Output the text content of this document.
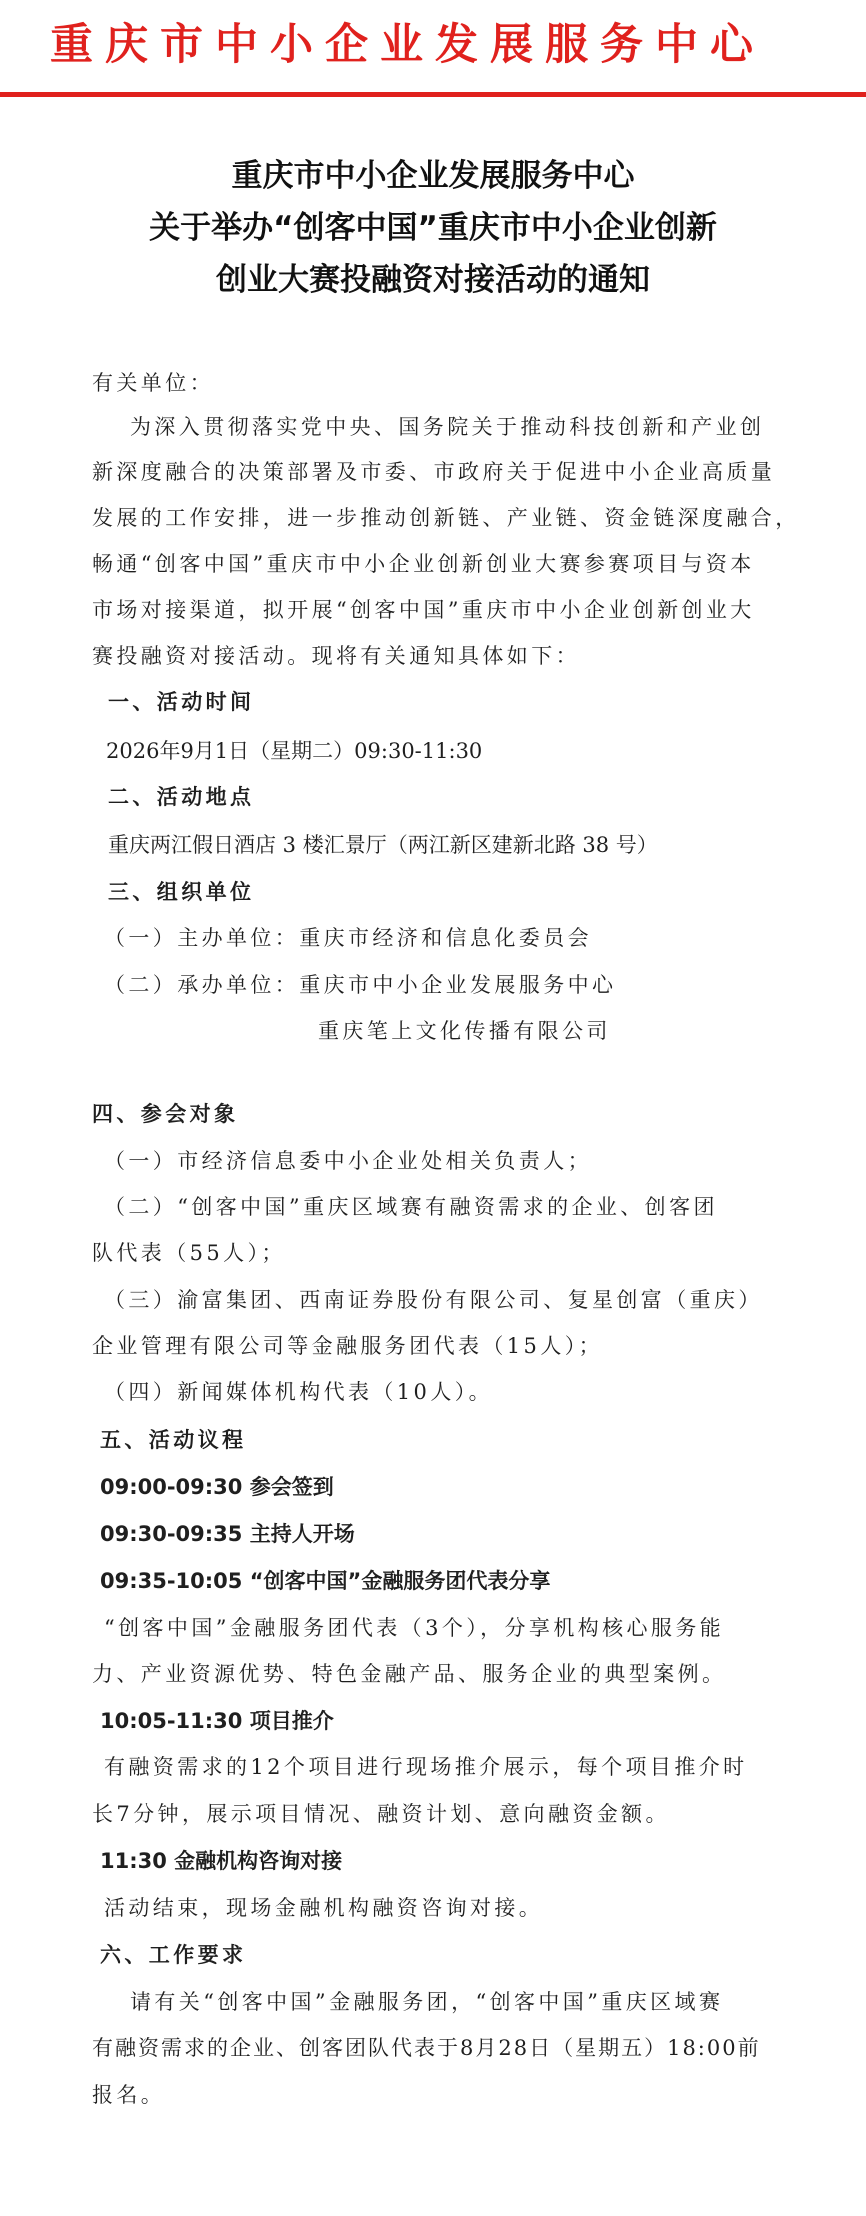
重庆市中小企业发展服务中心
重庆市中小企业发展服务中心
关于举办“创客中国”重庆市中小企业创新
创业大赛投融资对接活动的通知
有关单位：
为深入贯彻落实党中央、国务院关于推动科技创新和产业创
新深度融合的决策部署及市委、市政府关于促进中小企业高质量
发展的工作安排，进一步推动创新链、产业链、资金链深度融合，
畅通“创客中国”重庆市中小企业创新创业大赛参赛项目与资本
市场对接渠道，拟开展“创客中国”重庆市中小企业创新创业大
赛投融资对接活动。现将有关通知具体如下：
一、活动时间
2026年9月1日（星期二）09:30-11:30
二、活动地点
重庆两江假日酒店 3 楼汇景厅（两江新区建新北路 38 号）
三、组织单位
（一）主办单位：重庆市经济和信息化委员会
（二）承办单位：重庆市中小企业发展服务中心
重庆笔上文化传播有限公司
四、参会对象
（一）市经济信息委中小企业处相关负责人；
（二）“创客中国”重庆区域赛有融资需求的企业、创客团
队代表（55人）；
（三）渝富集团、西南证券股份有限公司、复星创富（重庆）
企业管理有限公司等金融服务团代表（15人）；
（四）新闻媒体机构代表（10人）。
五、活动议程
09:00-09:30 参会签到
09:30-09:35 主持人开场
09:35-10:05 “创客中国”金融服务团代表分享
“创客中国”金融服务团代表（3个），分享机构核心服务能
力、产业资源优势、特色金融产品、服务企业的典型案例。
10:05-11:30 项目推介
有融资需求的12个项目进行现场推介展示，每个项目推介时
长7分钟，展示项目情况、融资计划、意向融资金额。
11:30 金融机构咨询对接
活动结束，现场金融机构融资咨询对接。
六、工作要求
请有关“创客中国”金融服务团，“创客中国”重庆区域赛
有融资需求的企业、创客团队代表于8月28日（星期五）18:00前
报名。
